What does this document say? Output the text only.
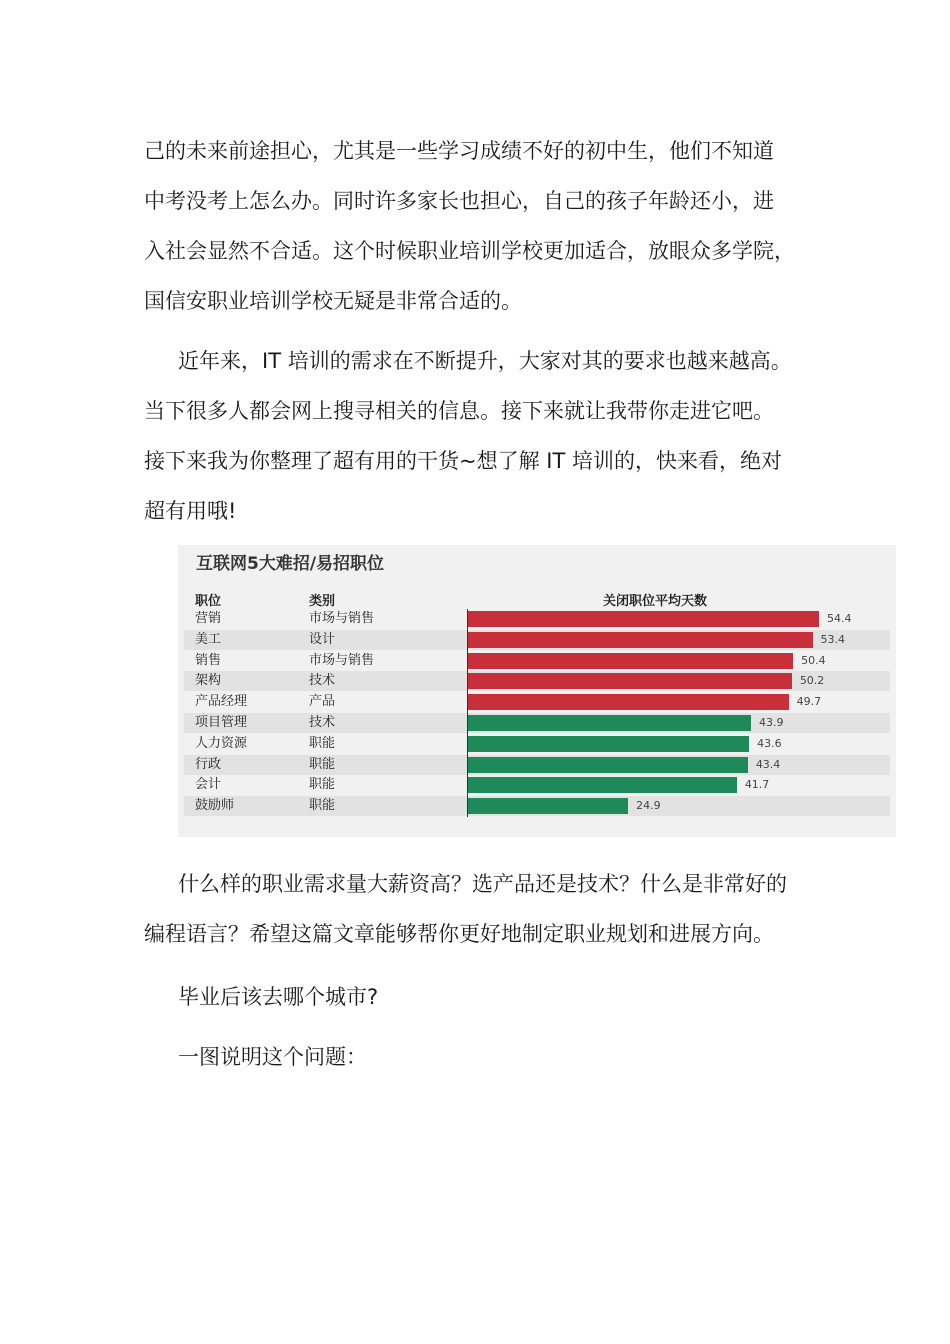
己的未来前途担心，尤其是一些学习成绩不好的初中生，他们不知道
中考没考上怎么办。同时许多家长也担心，自己的孩子年龄还小，进
入社会显然不合适。这个时候职业培训学校更加适合，放眼众多学院，
国信安职业培训学校无疑是非常合适的。
近年来，IT 培训的需求在不断提升，大家对其的要求也越来越高。
当下很多人都会网上搜寻相关的信息。接下来就让我带你走进它吧。
接下来我为你整理了超有用的干货~想了解 IT 培训的，快来看，绝对
超有用哦!
互联网5大难招/易招职位
职位	类别	关闭职位平均天数
营销	市场与销售	54.4
美工	设计	53.4
销售	市场与销售	50.4
架构	技术	50.2
产品经理	产品	49.7
项目管理	技术	43.9
人力资源	职能	43.6
行政	职能	43.4
会计	职能	41.7
鼓励师	职能	24.9
什么样的职业需求量大薪资高？选产品还是技术？什么是非常好的
编程语言？希望这篇文章能够帮你更好地制定职业规划和进展方向。
毕业后该去哪个城市?
一图说明这个问题：
